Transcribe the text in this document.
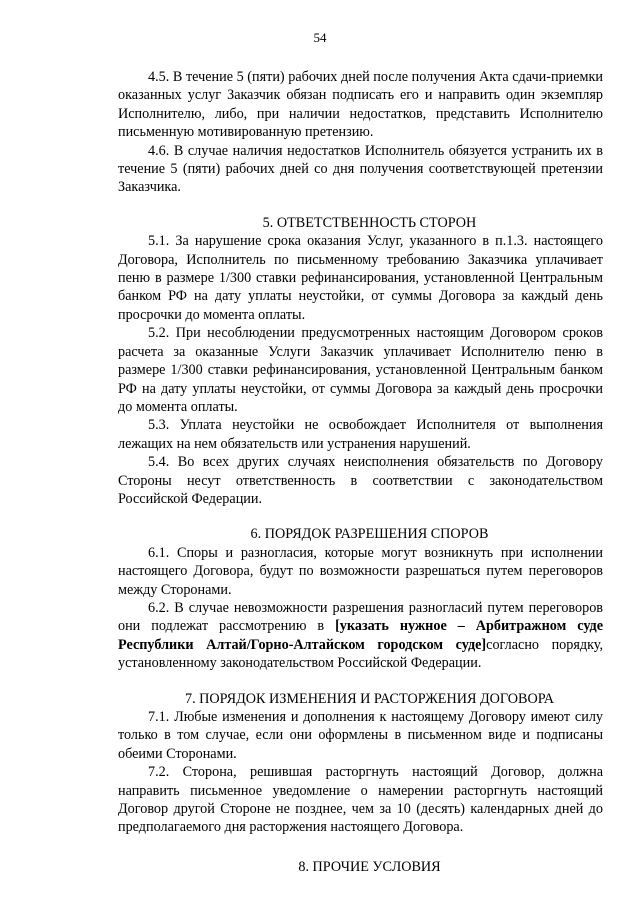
54

4.5. В течение 5 (пяти) рабочих дней после получения Акта сдачи-приемки оказанных услуг Заказчик обязан подписать его и направить один экземпляр Исполнителю, либо, при наличии недостатков, представить Исполнителю письменную мотивированную претензию.

4.6. В случае наличия недостатков Исполнитель обязуется устранить их в течение 5 (пяти) рабочих дней со дня получения соответствующей претензии Заказчика.

5. ОТВЕТСТВЕННОСТЬ СТОРОН

5.1. За нарушение срока оказания Услуг, указанного в п.1.3. настоящего Договора, Исполнитель по письменному требованию Заказчика уплачивает пеню в размере 1/300 ставки рефинансирования, установленной Центральным банком РФ на дату уплаты неустойки, от суммы Договора за каждый день просрочки до момента оплаты.

5.2. При несоблюдении предусмотренных настоящим Договором сроков расчета за оказанные Услуги Заказчик уплачивает Исполнителю пеню в размере 1/300 ставки рефинансирования, установленной Центральным банком РФ на дату уплаты неустойки, от суммы Договора за каждый день просрочки до момента оплаты.

5.3. Уплата неустойки не освобождает Исполнителя от выполнения лежащих на нем обязательств или устранения нарушений.

5.4. Во всех других случаях неисполнения обязательств по Договору Стороны несут ответственность в соответствии с законодательством Российской Федерации.

6. ПОРЯДОК РАЗРЕШЕНИЯ СПОРОВ

6.1. Споры и разногласия, которые могут возникнуть при исполнении настоящего Договора, будут по возможности разрешаться путем переговоров между Сторонами.

6.2. В случае невозможности разрешения разногласий путем переговоров они подлежат рассмотрению в [указать нужное – Арбитражном суде Республики Алтай/Горно-Алтайском городском суде]согласно порядку, установленному законодательством Российской Федерации.

7. ПОРЯДОК ИЗМЕНЕНИЯ И РАСТОРЖЕНИЯ ДОГОВОРА

7.1. Любые изменения и дополнения к настоящему Договору имеют силу только в том случае, если они оформлены в письменном виде и подписаны обеими Сторонами.

7.2. Сторона, решившая расторгнуть настоящий Договор, должна направить письменное уведомление о намерении расторгнуть настоящий Договор другой Стороне не позднее, чем за 10 (десять) календарных дней до предполагаемого дня расторжения настоящего Договора.

8. ПРОЧИЕ УСЛОВИЯ
